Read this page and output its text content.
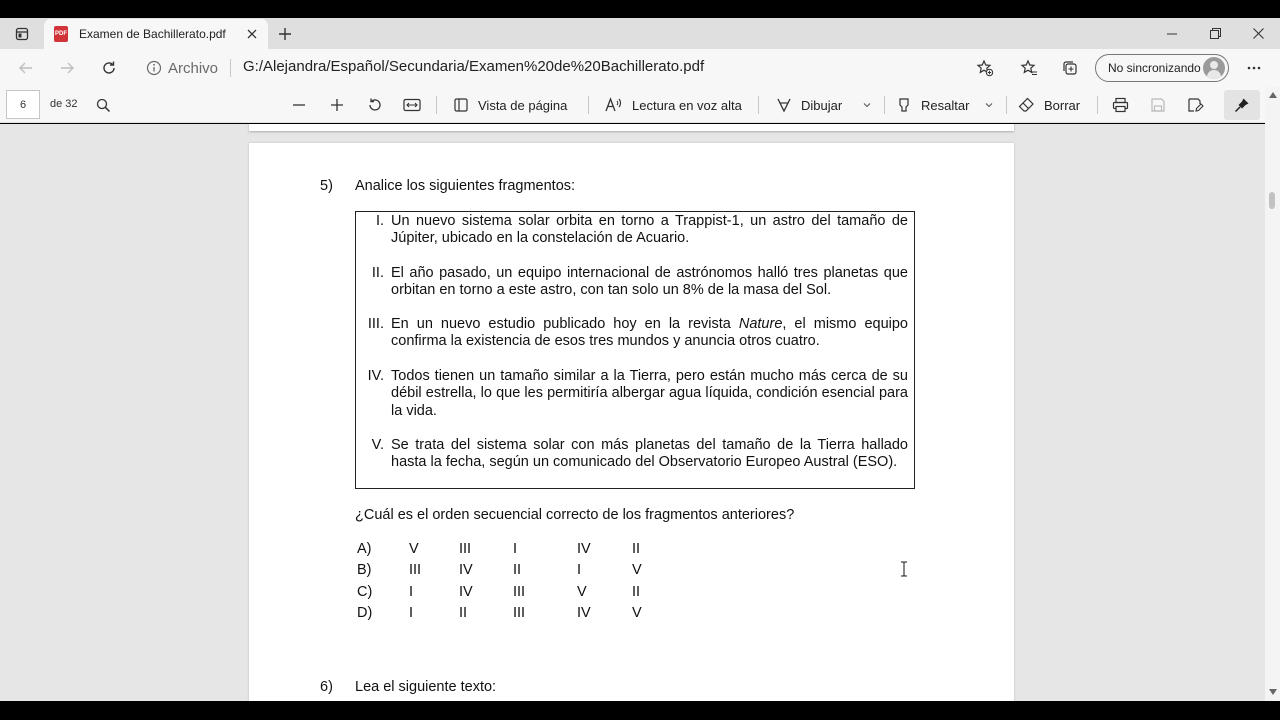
PDF Examen de Bachillerato.pdf
Archivo G:/Alejandra/Español/Secundaria/Examen%20de%20Bachillerato.pdf	No sincronizando
6	de 32	Vista de página	Lectura en voz alta	Dibujar	Resaltar	Borrar
5) Analice los siguientes fragmentos:
I. Un nuevo sistema solar orbita en torno a Trappist-1, un astro del tamaño de Júpiter, ubicado en la constelación de Acuario.
II. El año pasado, un equipo internacional de astrónomos halló tres planetas que orbitan en torno a este astro, con tan solo un 8% de la masa del Sol.
III. En un nuevo estudio publicado hoy en la revista Nature, el mismo equipo confirma la existencia de esos tres mundos y anuncia otros cuatro.
IV. Todos tienen un tamaño similar a la Tierra, pero están mucho más cerca de su débil estrella, lo que les permitiría albergar agua líquida, condición esencial para la vida.
V. Se trata del sistema solar con más planetas del tamaño de la Tierra hallado hasta la fecha, según un comunicado del Observatorio Europeo Austral (ESO).
¿Cuál es el orden secuencial correcto de los fragmentos anteriores?
A)	V	III	I	IV	II
B)	III	IV	II	I	V
C)	I	IV	III	V	II
D)	I	II	III	IV	V
6) Lea el siguiente texto:
